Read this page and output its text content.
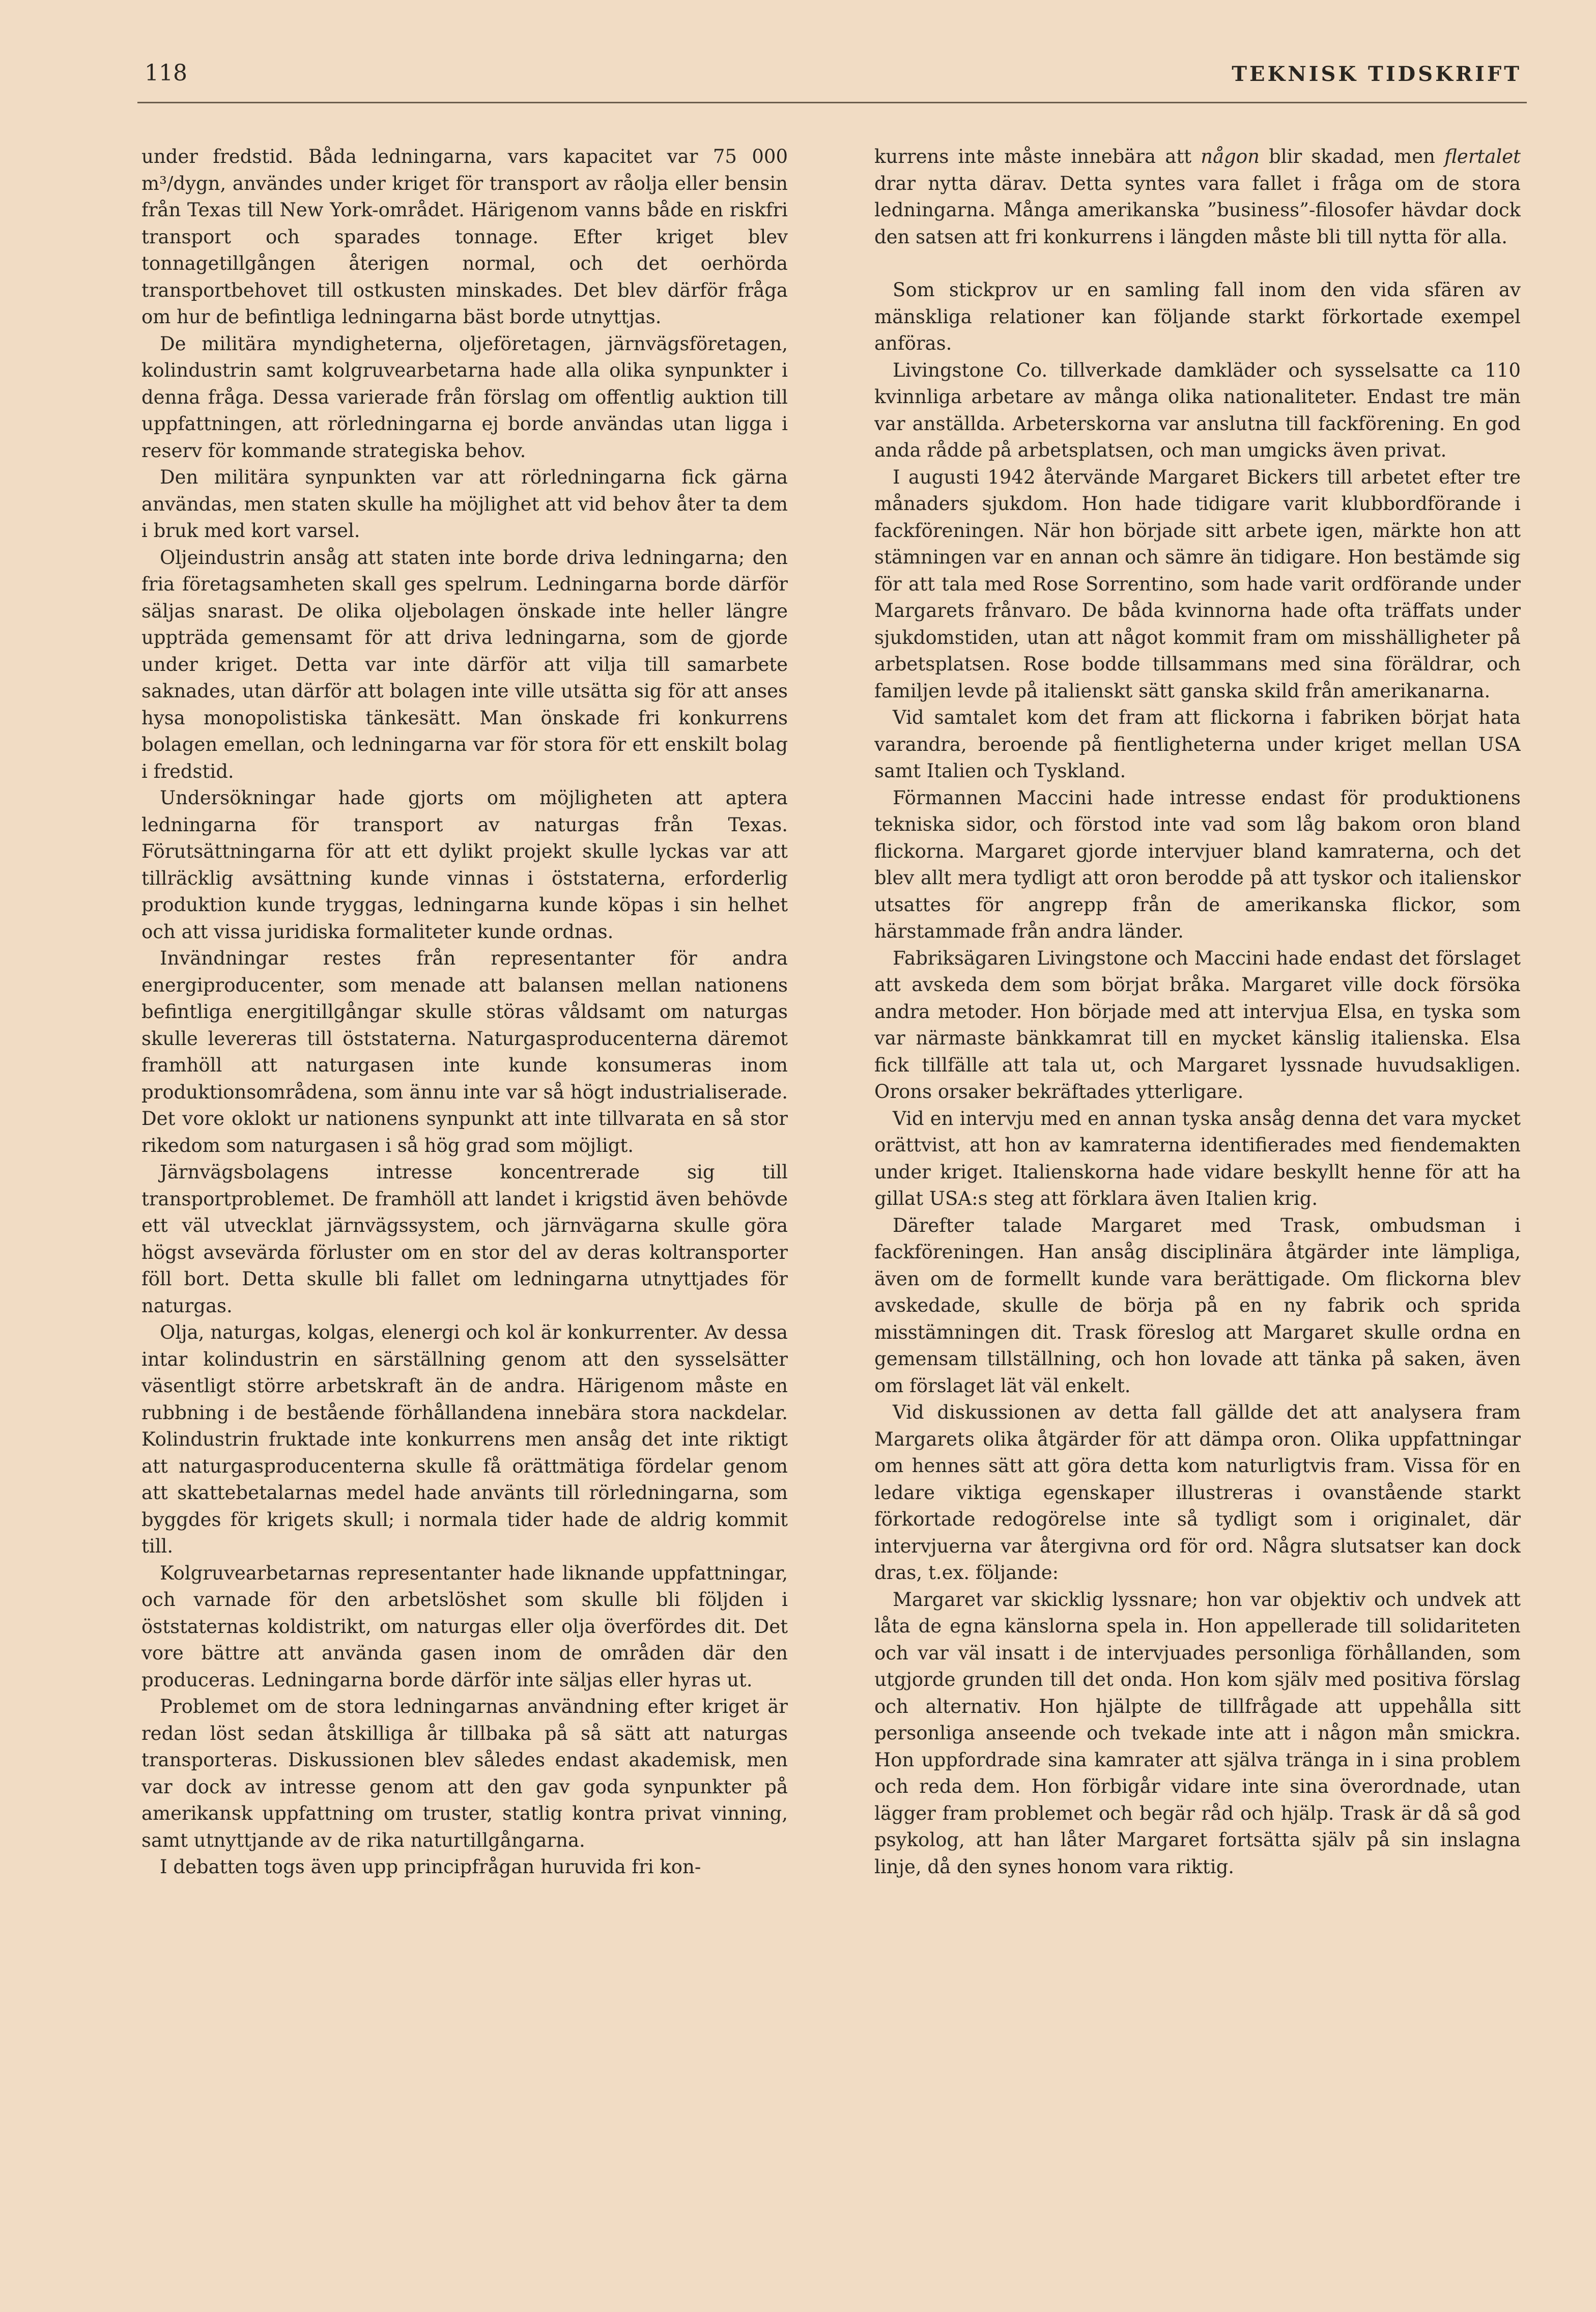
118	TEKNISK TIDSKRIFT

under fredstid. Båda ledningarna, vars kapacitet var 75 000 m³/dygn, användes under kriget för transport av råolja eller bensin från Texas till New York-området. Härigenom vanns både en riskfri transport och sparades tonnage. Efter kriget blev tonnagetillgången återigen normal, och det oerhörda transportbehovet till ostkusten minskades. Det blev därför fråga om hur de befintliga ledningarna bäst borde utnyttjas.

De militära myndigheterna, oljeföretagen, järnvägsföretagen, kolindustrin samt kolgruvearbetarna hade alla olika synpunkter i denna fråga. Dessa varierade från förslag om offentlig auktion till uppfattningen, att rörledningarna ej borde användas utan ligga i reserv för kommande strategiska behov.

Den militära synpunkten var att rörledningarna fick gärna användas, men staten skulle ha möjlighet att vid behov åter ta dem i bruk med kort varsel.

Oljeindustrin ansåg att staten inte borde driva ledningarna; den fria företagsamheten skall ges spelrum. Ledningarna borde därför säljas snarast. De olika oljebolagen önskade inte heller längre uppträda gemensamt för att driva ledningarna, som de gjorde under kriget. Detta var inte därför att vilja till samarbete saknades, utan därför att bolagen inte ville utsätta sig för att anses hysa monopolistiska tänkesätt. Man önskade fri konkurrens bolagen emellan, och ledningarna var för stora för ett enskilt bolag i fredstid.

Undersökningar hade gjorts om möjligheten att aptera ledningarna för transport av naturgas från Texas. Förutsättningarna för att ett dylikt projekt skulle lyckas var att tillräcklig avsättning kunde vinnas i öststaterna, erforderlig produktion kunde tryggas, ledningarna kunde köpas i sin helhet och att vissa juridiska formaliteter kunde ordnas.

Invändningar restes från representanter för andra energiproducenter, som menade att balansen mellan nationens befintliga energitillgångar skulle störas våldsamt om naturgas skulle levereras till öststaterna. Naturgasproducenterna däremot framhöll att naturgasen inte kunde konsumeras inom produktionsområdena, som ännu inte var så högt industrialiserade. Det vore oklokt ur nationens synpunkt att inte tillvarata en så stor rikedom som naturgasen i så hög grad som möjligt.

Järnvägsbolagens intresse koncentrerade sig till transportproblemet. De framhöll att landet i krigstid även behövde ett väl utvecklat järnvägssystem, och järnvägarna skulle göra högst avsevärda förluster om en stor del av deras koltransporter föll bort. Detta skulle bli fallet om ledningarna utnyttjades för naturgas.

Olja, naturgas, kolgas, elenergi och kol är konkurrenter. Av dessa intar kolindustrin en särställning genom att den sysselsätter väsentligt större arbetskraft än de andra. Härigenom måste en rubbning i de bestående förhållandena innebära stora nackdelar. Kolindustrin fruktade inte konkurrens men ansåg det inte riktigt att naturgasproducenterna skulle få orättmätiga fördelar genom att skattebetalarnas medel hade använts till rörledningarna, som byggdes för krigets skull; i normala tider hade de aldrig kommit till.

Kolgruvearbetarnas representanter hade liknande uppfattningar, och varnade för den arbetslöshet som skulle bli följden i öststaternas koldistrikt, om naturgas eller olja överfördes dit. Det vore bättre att använda gasen inom de områden där den produceras. Ledningarna borde därför inte säljas eller hyras ut.

Problemet om de stora ledningarnas användning efter kriget är redan löst sedan åtskilliga år tillbaka på så sätt att naturgas transporteras. Diskussionen blev således endast akademisk, men var dock av intresse genom att den gav goda synpunkter på amerikansk uppfattning om truster, statlig kontra privat vinning, samt utnyttjande av de rika naturtillgångarna.

I debatten togs även upp principfrågan huruvida fri kon-

kurrens inte måste innebära att någon blir skadad, men flertalet drar nytta därav. Detta syntes vara fallet i fråga om de stora ledningarna. Många amerikanska ”business”-filosofer hävdar dock den satsen att fri konkurrens i längden måste bli till nytta för alla.

Som stickprov ur en samling fall inom den vida sfären av mänskliga relationer kan följande starkt förkortade exempel anföras.

Livingstone Co. tillverkade damkläder och sysselsatte ca 110 kvinnliga arbetare av många olika nationaliteter. Endast tre män var anställda. Arbeterskorna var anslutna till fackförening. En god anda rådde på arbetsplatsen, och man umgicks även privat.

I augusti 1942 återvände Margaret Bickers till arbetet efter tre månaders sjukdom. Hon hade tidigare varit klubbordförande i fackföreningen. När hon började sitt arbete igen, märkte hon att stämningen var en annan och sämre än tidigare. Hon bestämde sig för att tala med Rose Sorrentino, som hade varit ordförande under Margarets frånvaro. De båda kvinnorna hade ofta träffats under sjukdomstiden, utan att något kommit fram om misshälligheter på arbetsplatsen. Rose bodde tillsammans med sina föräldrar, och familjen levde på italienskt sätt ganska skild från amerikanarna.

Vid samtalet kom det fram att flickorna i fabriken börjat hata varandra, beroende på fientligheterna under kriget mellan USA samt Italien och Tyskland.

Förmannen Maccini hade intresse endast för produktionens tekniska sidor, och förstod inte vad som låg bakom oron bland flickorna. Margaret gjorde intervjuer bland kamraterna, och det blev allt mera tydligt att oron berodde på att tyskor och italienskor utsattes för angrepp från de amerikanska flickor, som härstammade från andra länder.

Fabriksägaren Livingstone och Maccini hade endast det förslaget att avskeda dem som börjat bråka. Margaret ville dock försöka andra metoder. Hon började med att intervjua Elsa, en tyska som var närmaste bänkkamrat till en mycket känslig italienska. Elsa fick tillfälle att tala ut, och Margaret lyssnade huvudsakligen. Orons orsaker bekräftades ytterligare.

Vid en intervju med en annan tyska ansåg denna det vara mycket orättvist, att hon av kamraterna identifierades med fiendemakten under kriget. Italienskorna hade vidare beskyllt henne för att ha gillat USA:s steg att förklara även Italien krig.

Därefter talade Margaret med Trask, ombudsman i fackföreningen. Han ansåg disciplinära åtgärder inte lämpliga, även om de formellt kunde vara berättigade. Om flickorna blev avskedade, skulle de börja på en ny fabrik och sprida misstämningen dit. Trask föreslog att Margaret skulle ordna en gemensam tillställning, och hon lovade att tänka på saken, även om förslaget lät väl enkelt.

Vid diskussionen av detta fall gällde det att analysera fram Margarets olika åtgärder för att dämpa oron. Olika uppfattningar om hennes sätt att göra detta kom naturligtvis fram. Vissa för en ledare viktiga egenskaper illustreras i ovanstående starkt förkortade redogörelse inte så tydligt som i originalet, där intervjuerna var återgivna ord för ord. Några slutsatser kan dock dras, t.ex. följande:

Margaret var skicklig lyssnare; hon var objektiv och undvek att låta de egna känslorna spela in. Hon appellerade till solidariteten och var väl insatt i de intervjuades personliga förhållanden, som utgjorde grunden till det onda. Hon kom själv med positiva förslag och alternativ. Hon hjälpte de tillfrågade att uppehålla sitt personliga anseende och tvekade inte att i någon mån smickra. Hon uppfordrade sina kamrater att själva tränga in i sina problem och reda dem. Hon förbigår vidare inte sina överordnade, utan lägger fram problemet och begär råd och hjälp. Trask är då så god psykolog, att han låter Margaret fortsätta själv på sin inslagna linje, då den synes honom vara riktig.
